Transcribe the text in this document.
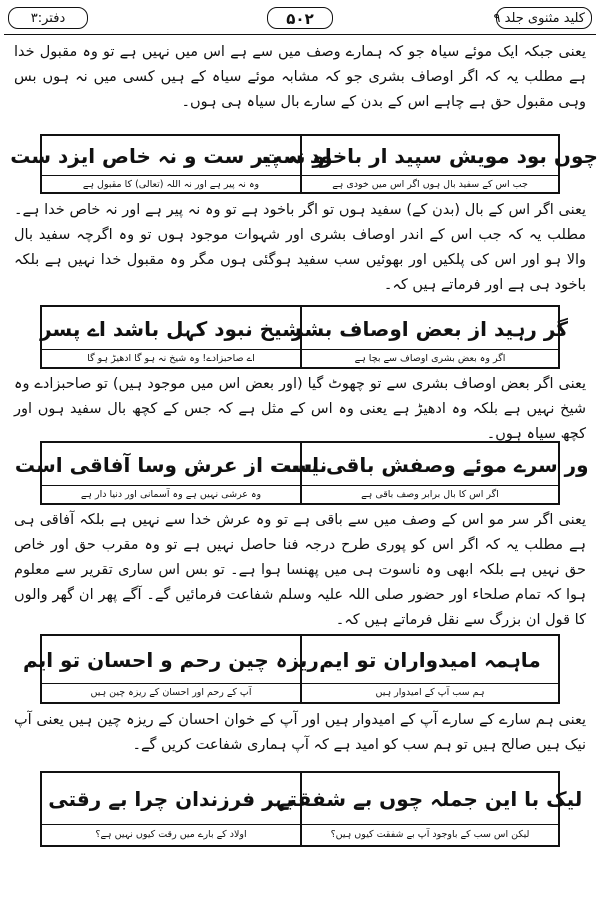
کلید مثنوی جلد ۹
۵۰۲
دفتر:۳
یعنی جبکہ ایک موئے سیاہ جو کہ ہمارے وصف میں سے ہے اس میں نہیں ہے تو وہ مقبول خدا ہے مطلب یہ کہ اگر اوصاف بشری جو کہ مشابہ موئے سیاہ کے ہیں کسی میں نہ ہوں بس وہی مقبول حق ہے چاہے اس کے بدن کے سارے بال سیاہ ہی ہوں۔
چوں بود مویش سپید ار باخود ست
جب اس کے سفید بال ہوں اگر اس میں خودی ہے
او نہ پیر ست و نہ خاص ایزد ست
وہ نہ پیر ہے اور نہ اللہ (تعالی) کا مقبول ہے
یعنی اگر اس کے بال (بدن کے) سفید ہوں تو اگر باخود ہے تو وہ نہ پیر ہے اور نہ خاص خدا ہے۔ مطلب یہ کہ جب اس کے اندر اوصاف بشری اور شہوات موجود ہوں تو وہ اگرچہ سفید بال والا ہو اور اس کی پلکیں اور بھوئیں سب سفید ہوگئی ہوں مگر وہ مقبول خدا نہیں ہے بلکہ باخود ہی ہے اور فرماتے ہیں کہ۔
گر رہید از بعض اوصاف بشر
اگر وہ بعض بشری اوصاف سے بچا ہے
شیخ نبود کہل باشد اے پسر
اے صاحبزادے! وہ شیخ نہ ہو گا ادھیڑ ہو گا
یعنی اگر بعض اوصاف بشری سے تو چھوٹ گیا (اور بعض اس میں موجود ہیں) تو صاحبزادے وہ شیخ نہیں ہے بلکہ وہ ادھیڑ ہے یعنی وہ اس کے مثل ہے کہ جس کے کچھ بال سفید ہوں اور کچھ سیاہ ہوں۔
ور سرے موئے وصفش باقی است
اگر اس کا بال برابر وصف باقی ہے
نیست از عرش وسا آفاقی است
وہ عرشی نہیں ہے وہ آسمانی اور دنیا دار ہے
یعنی اگر سر مو اس کے وصف میں سے باقی ہے تو وہ عرش خدا سے نہیں ہے بلکہ آفاقی ہی ہے مطلب یہ کہ اگر اس کو پوری طرح درجہ فنا حاصل نہیں ہے تو وہ مقرب حق اور خاص حق نہیں ہے بلکہ ابھی وہ ناسوت ہی میں پھنسا ہوا ہے۔ تو بس اس ساری تقریر سے معلوم ہوا کہ تمام صلحاء اور حضور صلی اللہ علیہ وسلم شفاعت فرمائیں گے۔ آگے پھر ان گھر والوں کا قول ان بزرگ سے نقل فرماتے ہیں کہ۔
ماہمہ امیدواران تو ایم
ہم سب آپ کے امیدوار ہیں
ریزہ چین رحم و احسان تو ایم
آپ کے رحم اور احسان کے ریزہ چین ہیں
یعنی ہم سارے کے سارے آپ کے امیدوار ہیں اور آپ کے خوان احسان کے ریزہ چین ہیں یعنی آپ نیک ہیں صالح ہیں تو ہم سب کو امید ہے کہ آپ ہماری شفاعت کریں گے۔
لیک با این جملہ چوں بے شفقتے
لیکن اس سب کے باوجود آپ بے شفقت کیوں ہیں؟
بہر فرزندان چرا بے رقتی
اولاد کے بارے میں رقت کیوں نہیں ہے؟
